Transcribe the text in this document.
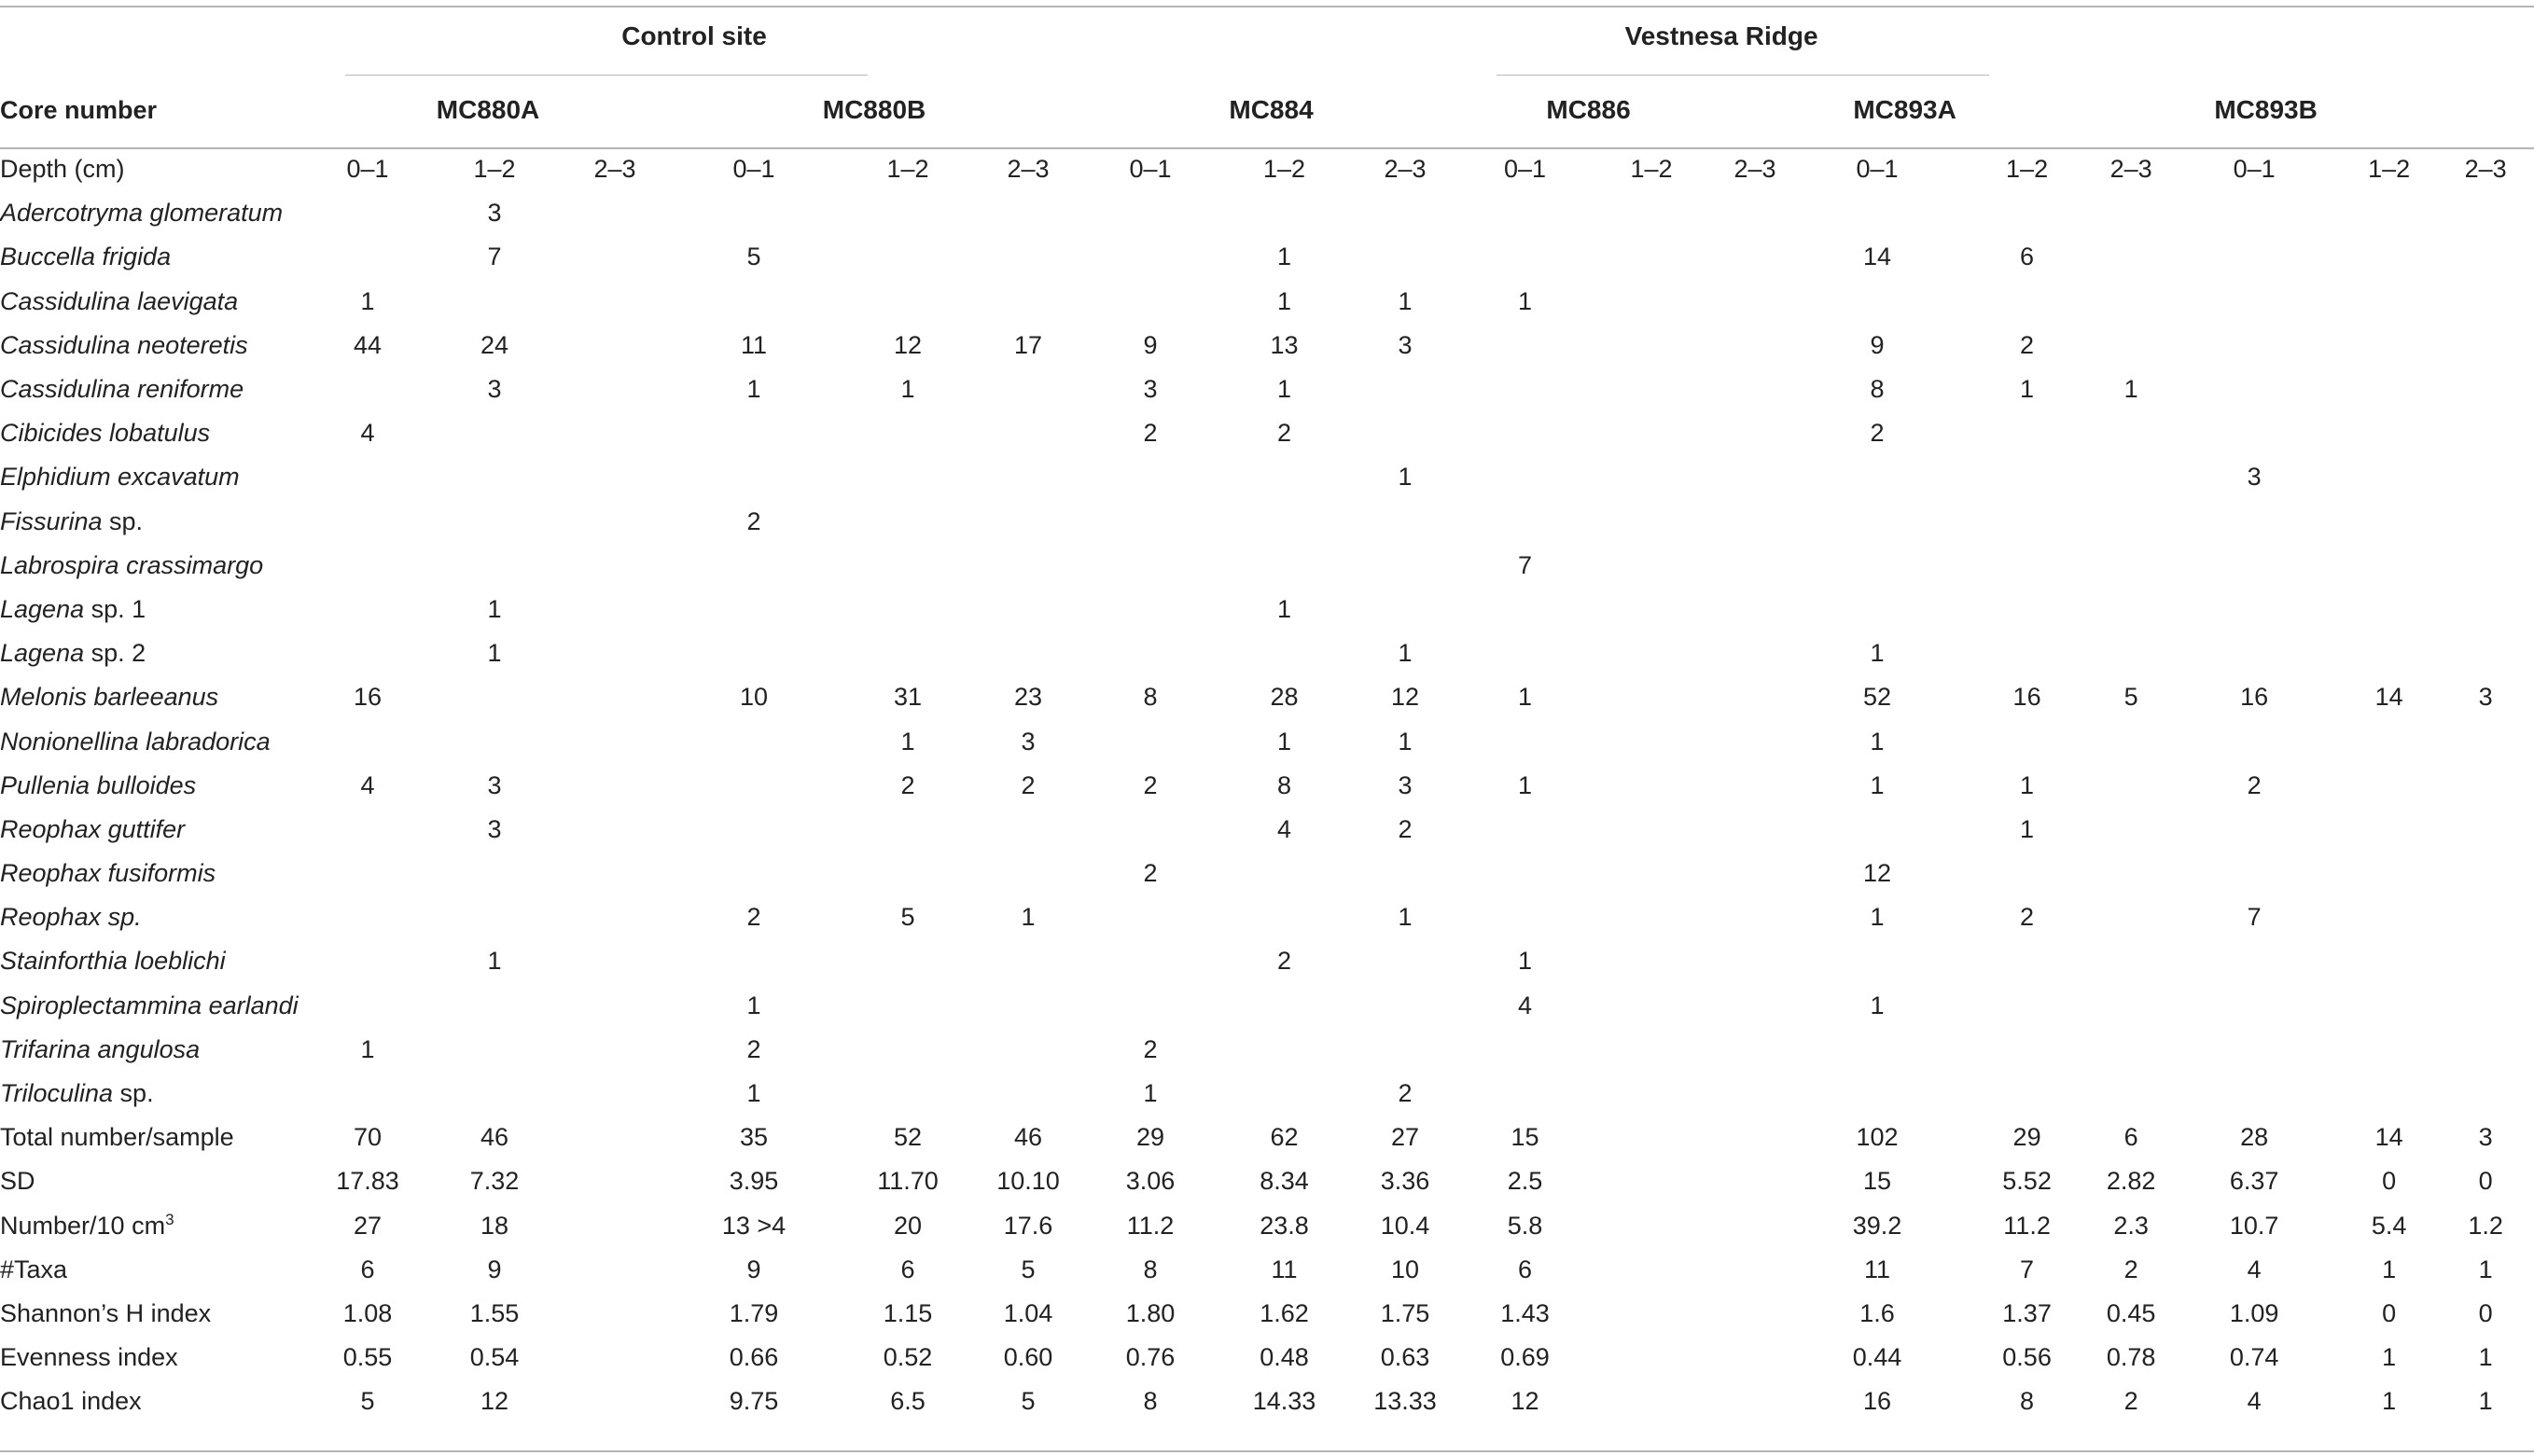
	Control site								Vestnesa Ridge									
Core number	MC880A			MC880B			MC884			MC886		MC893A			MC893B			
Depth (cm)	0–1	1–2	2–3	0–1	1–2	2–3	0–1	1–2	2–3	0–1	1–2	2–3	0–1	1–2	2–3	0–1	1–2	2–3
Adercotryma glomeratum		3																
Buccella frigida		7		5				1					14	6				
Cassidulina laevigata	1							1	1	1								
Cassidulina neoteretis	44	24		11	12	17	9	13	3				9	2				
Cassidulina reniforme		3		1	1		3	1					8	1	1			
Cibicides lobatulus	4						2	2					2					
Elphidium excavatum									1							3		
Fissurina sp.				2														
Labrospira crassimargo										7								
Lagena sp. 1		1						1										
Lagena sp. 2		1							1				1					
Melonis barleeanus	16			10	31	23	8	28	12	1			52	16	5	16	14	3
Nonionellina labradorica					1	3		1	1				1					
Pullenia bulloides	4	3			2	2	2	8	3	1			1	1		2		
Reophax guttifer		3						4	2					1				
Reophax fusiformis							2						12					
Reophax sp.				2	5	1			1				1	2		7		
Stainforthia loeblichi		1						2		1								
Spiroplectammina earlandi				1						4			1					
Trifarina angulosa	1			2			2											
Triloculina sp.				1			1		2									
Total number/sample	70	46		35	52	46	29	62	27	15			102	29	6	28	14	3
SD	17.83	7.32		3.95	11.70	10.10	3.06	8.34	3.36	2.5			15	5.52	2.82	6.37	0	0
Number/10 $cm^3$	27	18		13 >4	20	17.6	11.2	23.8	10.4	5.8			39.2	11.2	2.3	10.7	5.4	1.2
#Taxa	6	9		9	6	5	8	11	10	6			11	7	2	4	1	1
Shannon’s H index	1.08	1.55		1.79	1.15	1.04	1.80	1.62	1.75	1.43			1.6	1.37	0.45	1.09	0	0
Evenness index	0.55	0.54		0.66	0.52	0.60	0.76	0.48	0.63	0.69			0.44	0.56	0.78	0.74	1	1
Chao1 index	5	12		9.75	6.5	5	8	14.33	13.33	12			16	8	2	4	1	1
